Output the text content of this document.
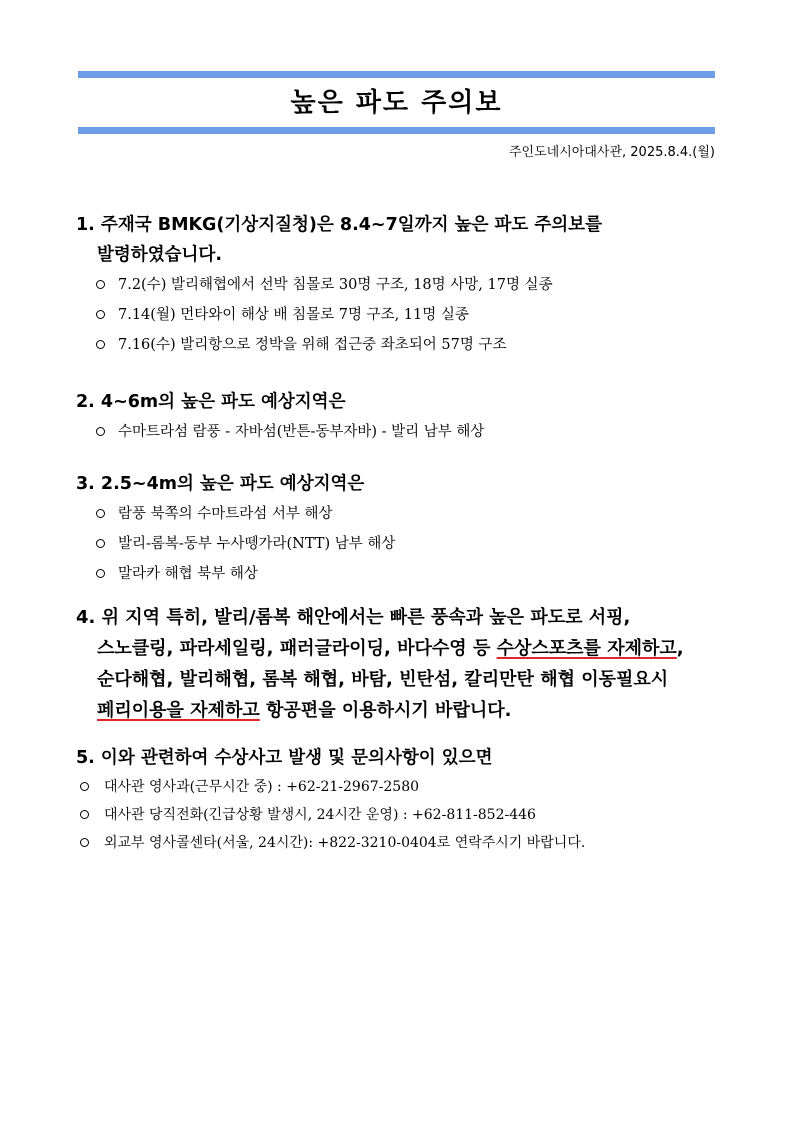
높은 파도 주의보
주인도네시아대사관, 2025.8.4.(월)

1. 주재국 BMKG(기상지질청)은 8.4~7일까지 높은 파도 주의보를

발령하였습니다.

7.2(수) 발리해협에서 선박 침몰로 30명 구조, 18명 사망, 17명 실종

7.14(월) 먼타와이 해상 배 침몰로 7명 구조, 11명 실종

7.16(수) 발리항으로 정박을 위해 접근중 좌초되어 57명 구조

2. 4~6m의 높은 파도 예상지역은

수마트라섬 람풍 - 자바섬(반튼-동부자바) - 발리 남부 해상

3. 2.5~4m의 높은 파도 예상지역은

람풍 북쪽의 수마트라섬 서부 해상

발리-롬복-동부 누사뗑가라(NTT) 남부 해상

말라카 해협 북부 해상

4. 위 지역 특히, 발리/롬복 해안에서는 빠른 풍속과 높은 파도로 서핑,

스노클링, 파라세일링, 패러글라이딩, 바다수영 등 수상스포츠를 자제하고,

순다해협, 발리해협, 롬복 해협, 바탐, 빈탄섬, 칼리만탄 해협 이동필요시

페리이용을 자제하고 항공편을 이용하시기 바랍니다.

5. 이와 관련하여 수상사고 발생 및 문의사항이 있으면

대사관 영사과(근무시간 중) : +62-21-2967-2580

대사관 당직전화(긴급상황 발생시, 24시간 운영) : +62-811-852-446

외교부 영사콜센타(서울, 24시간): +822-3210-0404로 연락주시기 바랍니다.
